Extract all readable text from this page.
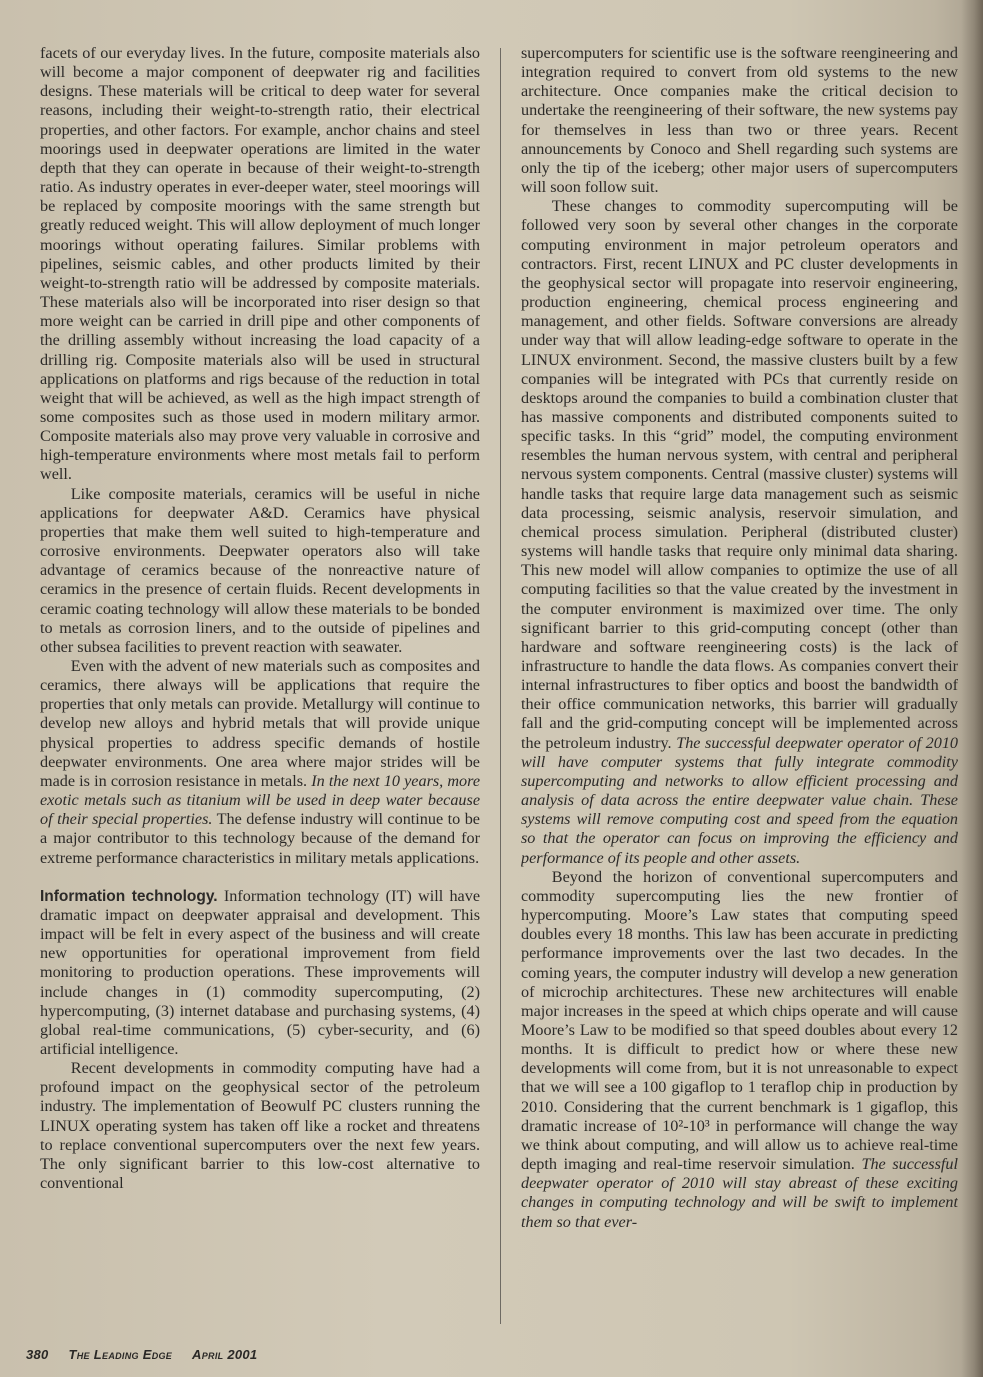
facets of our everyday lives. In the future, composite materials also will become a major component of deepwater rig and facilities designs. These materials will be critical to deep water for several reasons, including their weight-to-strength ratio, their electrical properties, and other factors. For example, anchor chains and steel moorings used in deepwater operations are limited in the water depth that they can operate in because of their weight-to-strength ratio. As industry operates in ever-deeper water, steel moorings will be replaced by composite moorings with the same strength but greatly reduced weight. This will allow deployment of much longer moorings without operating failures. Similar problems with pipelines, seismic cables, and other products limited by their weight-to-strength ratio will be addressed by composite materials. These materials also will be incorporated into riser design so that more weight can be carried in drill pipe and other components of the drilling assembly without increasing the load capacity of a drilling rig. Composite materials also will be used in structural applications on platforms and rigs because of the reduction in total weight that will be achieved, as well as the high impact strength of some composites such as those used in modern military armor. Composite materials also may prove very valuable in corrosive and high-temperature environments where most metals fail to perform well.

Like composite materials, ceramics will be useful in niche applications for deepwater A&D. Ceramics have physical properties that make them well suited to high-temperature and corrosive environments. Deepwater operators also will take advantage of ceramics because of the nonreactive nature of ceramics in the presence of certain fluids. Recent developments in ceramic coating technology will allow these materials to be bonded to metals as corrosion liners, and to the outside of pipelines and other subsea facilities to prevent reaction with seawater.

Even with the advent of new materials such as composites and ceramics, there always will be applications that require the properties that only metals can provide. Metallurgy will continue to develop new alloys and hybrid metals that will provide unique physical properties to address specific demands of hostile deepwater environments. One area where major strides will be made is in corrosion resistance in metals. In the next 10 years, more exotic metals such as titanium will be used in deep water because of their special properties. The defense industry will continue to be a major contributor to this technology because of the demand for extreme performance characteristics in military metals applications.

Information technology. Information technology (IT) will have dramatic impact on deepwater appraisal and development. This impact will be felt in every aspect of the business and will create new opportunities for operational improvement from field monitoring to production operations. These improvements will include changes in (1) commodity supercomputing, (2) hypercomputing, (3) internet database and purchasing systems, (4) global real-time communications, (5) cyber-security, and (6) artificial intelligence.

Recent developments in commodity computing have had a profound impact on the geophysical sector of the petroleum industry. The implementation of Beowulf PC clusters running the LINUX operating system has taken off like a rocket and threatens to replace conventional supercomputers over the next few years. The only significant barrier to this low-cost alternative to conventional

supercomputers for scientific use is the software reengineering and integration required to convert from old systems to the new architecture. Once companies make the critical decision to undertake the reengineering of their software, the new systems pay for themselves in less than two or three years. Recent announcements by Conoco and Shell regarding such systems are only the tip of the iceberg; other major users of supercomputers will soon follow suit.

These changes to commodity supercomputing will be followed very soon by several other changes in the corporate computing environment in major petroleum operators and contractors. First, recent LINUX and PC cluster developments in the geophysical sector will propagate into reservoir engineering, production engineering, chemical process engineering and management, and other fields. Software conversions are already under way that will allow leading-edge software to operate in the LINUX environment. Second, the massive clusters built by a few companies will be integrated with PCs that currently reside on desktops around the companies to build a combination cluster that has massive components and distributed components suited to specific tasks. In this “grid” model, the computing environment resembles the human nervous system, with central and peripheral nervous system components. Central (massive cluster) systems will handle tasks that require large data management such as seismic data processing, seismic analysis, reservoir simulation, and chemical process simulation. Peripheral (distributed cluster) systems will handle tasks that require only minimal data sharing. This new model will allow companies to optimize the use of all computing facilities so that the value created by the investment in the computer environment is maximized over time. The only significant barrier to this grid-computing concept (other than hardware and software reengineering costs) is the lack of infrastructure to handle the data flows. As companies convert their internal infrastructures to fiber optics and boost the bandwidth of their office communication networks, this barrier will gradually fall and the grid-computing concept will be implemented across the petroleum industry. The successful deepwater operator of 2010 will have computer systems that fully integrate commodity supercomputing and networks to allow efficient processing and analysis of data across the entire deepwater value chain. These systems will remove computing cost and speed from the equation so that the operator can focus on improving the efficiency and performance of its people and other assets.

Beyond the horizon of conventional supercomputers and commodity supercomputing lies the new frontier of hypercomputing. Moore’s Law states that computing speed doubles every 18 months. This law has been accurate in predicting performance improvements over the last two decades. In the coming years, the computer industry will develop a new generation of microchip architectures. These new architectures will enable major increases in the speed at which chips operate and will cause Moore’s Law to be modified so that speed doubles about every 12 months. It is difficult to predict how or where these new developments will come from, but it is not unreasonable to expect that we will see a 100 gigaflop to 1 teraflop chip in production by 2010. Considering that the current benchmark is 1 gigaflop, this dramatic increase of 10²-10³ in performance will change the way we think about computing, and will allow us to achieve real-time depth imaging and real-time reservoir simulation. The successful deepwater operator of 2010 will stay abreast of these exciting changes in computing technology and will be swift to implement them so that ever-

380 The Leading Edge April 2001
